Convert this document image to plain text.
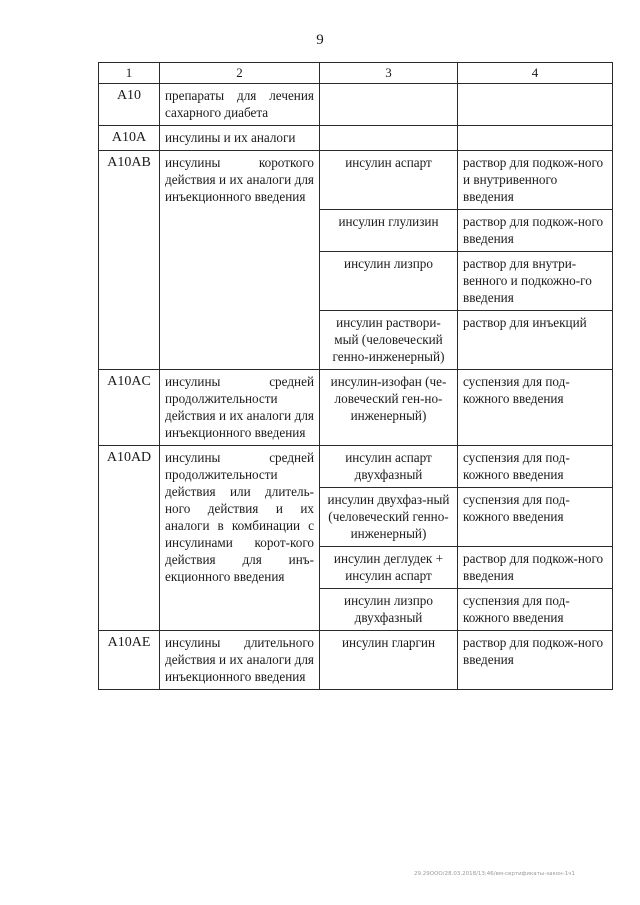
9
1	2	3	4
A10	препараты для лечения сахарного диабета		
A10A	инсулины и их аналоги		
A10AB	инсулины короткого действия и их аналоги для инъекционного введения	инсулин аспарт	раствор для подкож-ного и внутривенного введения
		инсулин глулизин	раствор для подкож-ного введения
		инсулин лизпро	раствор для внутри-венного и подкожно-го введения
		инсулин раствори-мый (человеческий генно-инженерный)	раствор для инъекций
A10AC	инсулины средней продолжительности действия и их аналоги для инъекционного введения	инсулин-изофан (че-ловеческий ген-но-инженерный)	суспензия для под-кожного введения
A10AD	инсулины средней продолжительности действия или длитель-ного действия и их аналоги в комбинации с инсулинами корот-кого действия для инъ-екционного введения	инсулин аспарт двухфазный	суспензия для под-кожного введения
		инсулин двухфаз-ный (человеческий генно-инженерный)	суспензия для под-кожного введения
		инсулин деглудек + инсулин аспарт	раствор для подкож-ного введения
		инсулин лизпро двухфазный	суспензия для под-кожного введения
A10AE	инсулины длительного действия и их аналоги для инъекционного введения	инсулин гларгин	раствор для подкож-ного введения
29.29ООО/28.03.2018/13:46/вм-сертификаты-закон-1ч1
